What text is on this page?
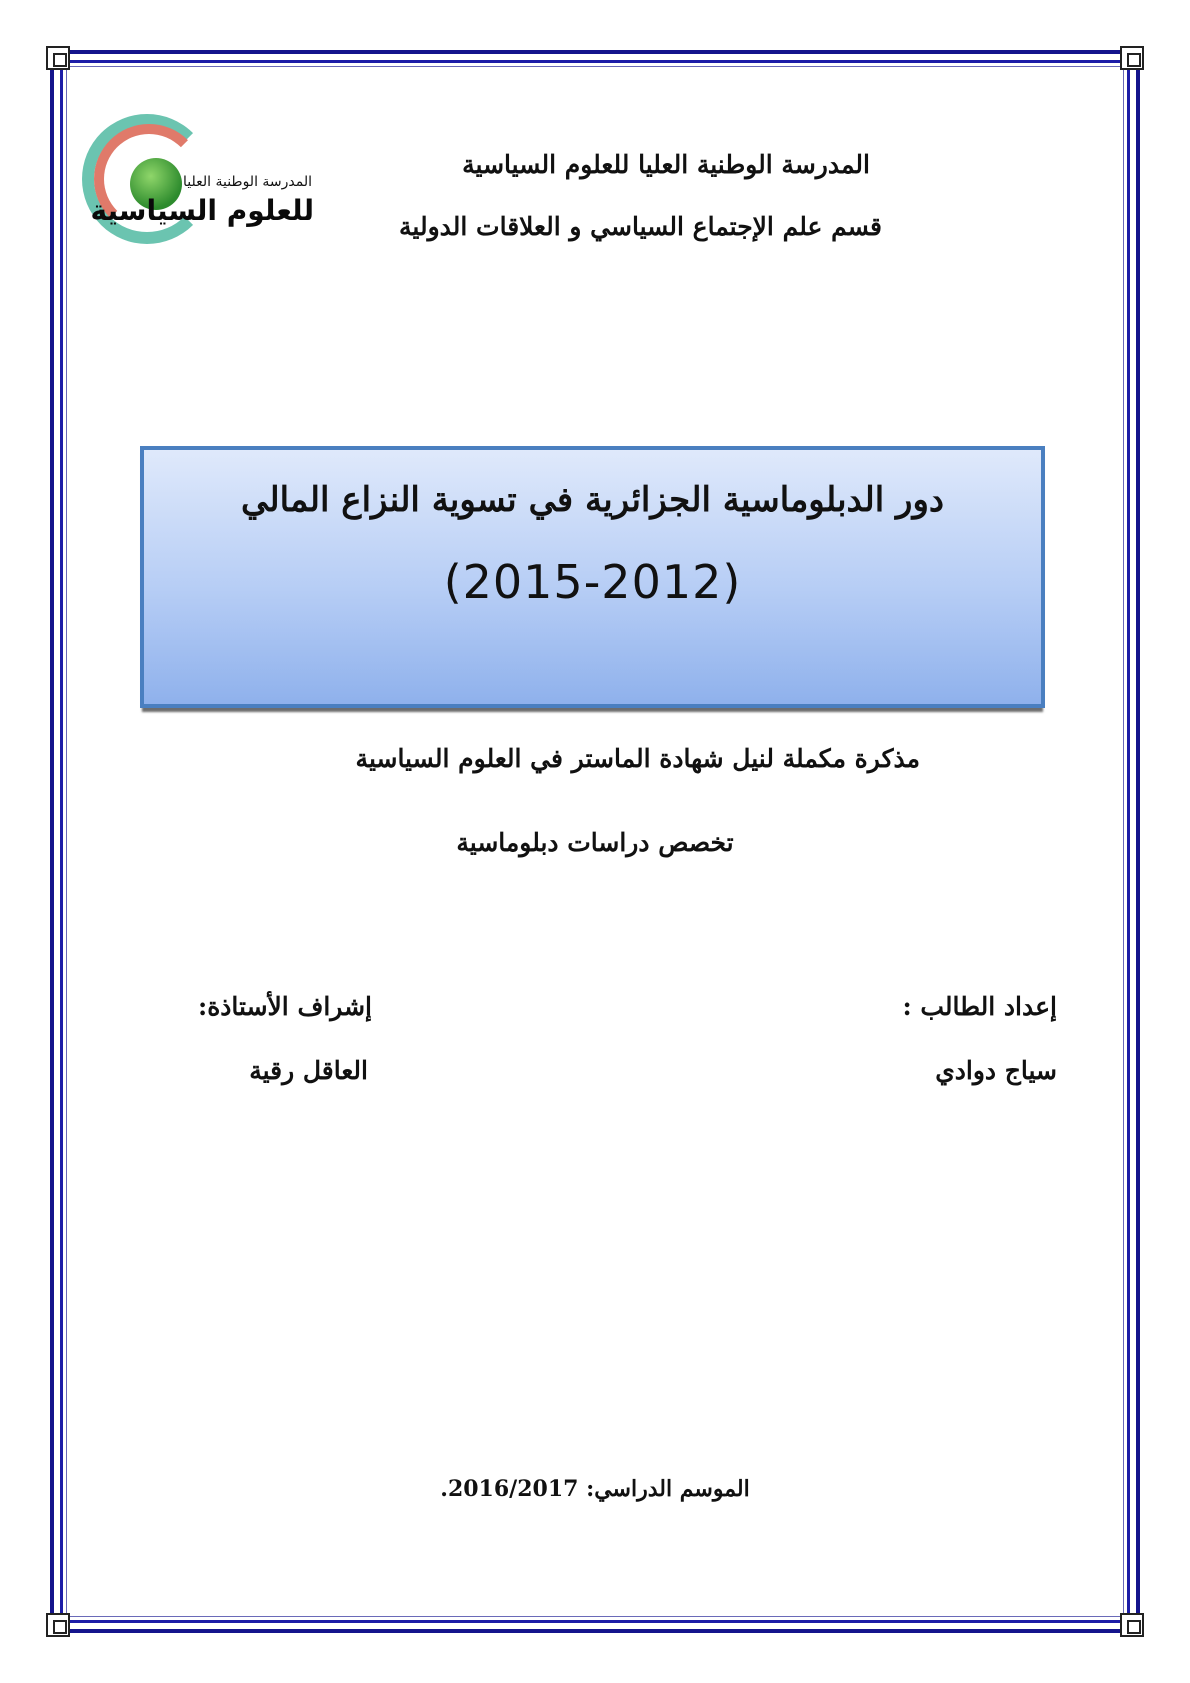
المدرسة الوطنية العليا
للعلوم السياسية
المدرسة الوطنية العليا للعلوم السياسية
قسم علم الإجتماع السياسي و العلاقات الدولية
دور الدبلوماسية الجزائرية في تسوية النزاع المالي
(2015-2012)
مذكرة مكملة لنيل شهادة الماستر في العلوم السياسية
تخصص دراسات دبلوماسية
إعداد الطالب :
سياج دوادي
إشراف الأستاذة:
العاقل رقية
الموسم الدراسي: 2016/2017.
